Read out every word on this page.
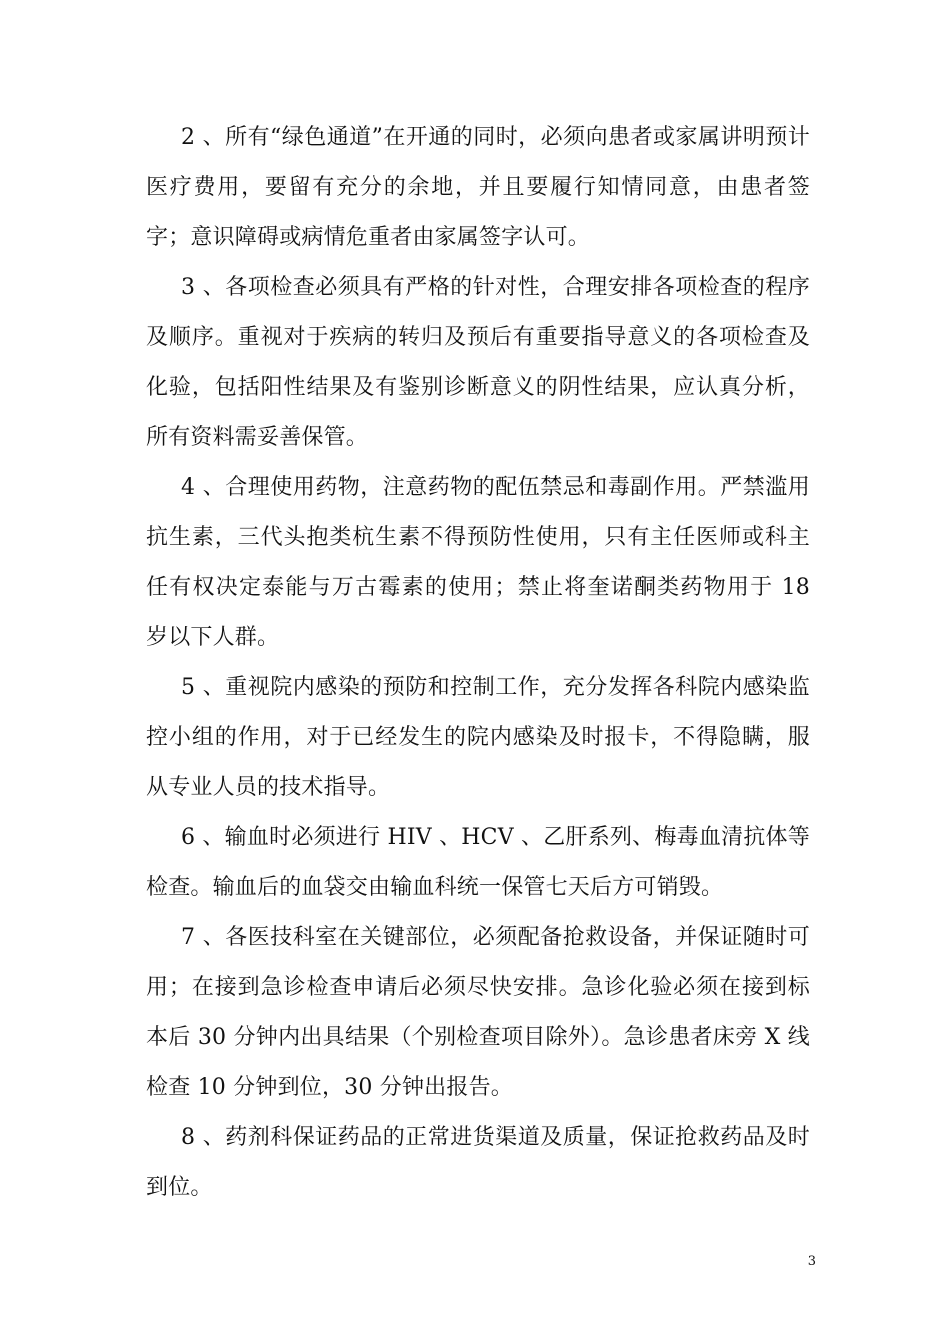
2 、所有“绿色通道”在开通的同时，必须向患者或家属讲明预计医疗费用，要留有充分的余地，并且要履行知情同意，由患者签字；意识障碍或病情危重者由家属签字认可。

3 、各项检查必须具有严格的针对性，合理安排各项检查的程序及顺序。重视对于疾病的转归及预后有重要指导意义的各项检查及化验，包括阳性结果及有鉴别诊断意义的阴性结果，应认真分析，所有资料需妥善保管。

4 、合理使用药物，注意药物的配伍禁忌和毒副作用。严禁滥用抗生素，三代头抱类杭生素不得预防性使用，只有主任医师或科主任有权决定泰能与万古霉素的使用；禁止将奎诺酮类药物用于 18 岁以下人群。

5 、重视院内感染的预防和控制工作，充分发挥各科院内感染监控小组的作用，对于已经发生的院内感染及时报卡，不得隐瞒，服从专业人员的技术指导。

6 、输血时必须进行 HIV 、HCV 、乙肝系列、梅毒血清抗体等检查。输血后的血袋交由输血科统一保管七天后方可销毁。

7 、各医技科室在关键部位，必须配备抢救设备，并保证随时可用；在接到急诊检查申请后必须尽快安排。急诊化验必须在接到标本后 30 分钟内出具结果（个别检查项目除外）。急诊患者床旁 X 线检查 10 分钟到位，30 分钟出报告。

8 、药剂科保证药品的正常进货渠道及质量，保证抢救药品及时到位。

3
